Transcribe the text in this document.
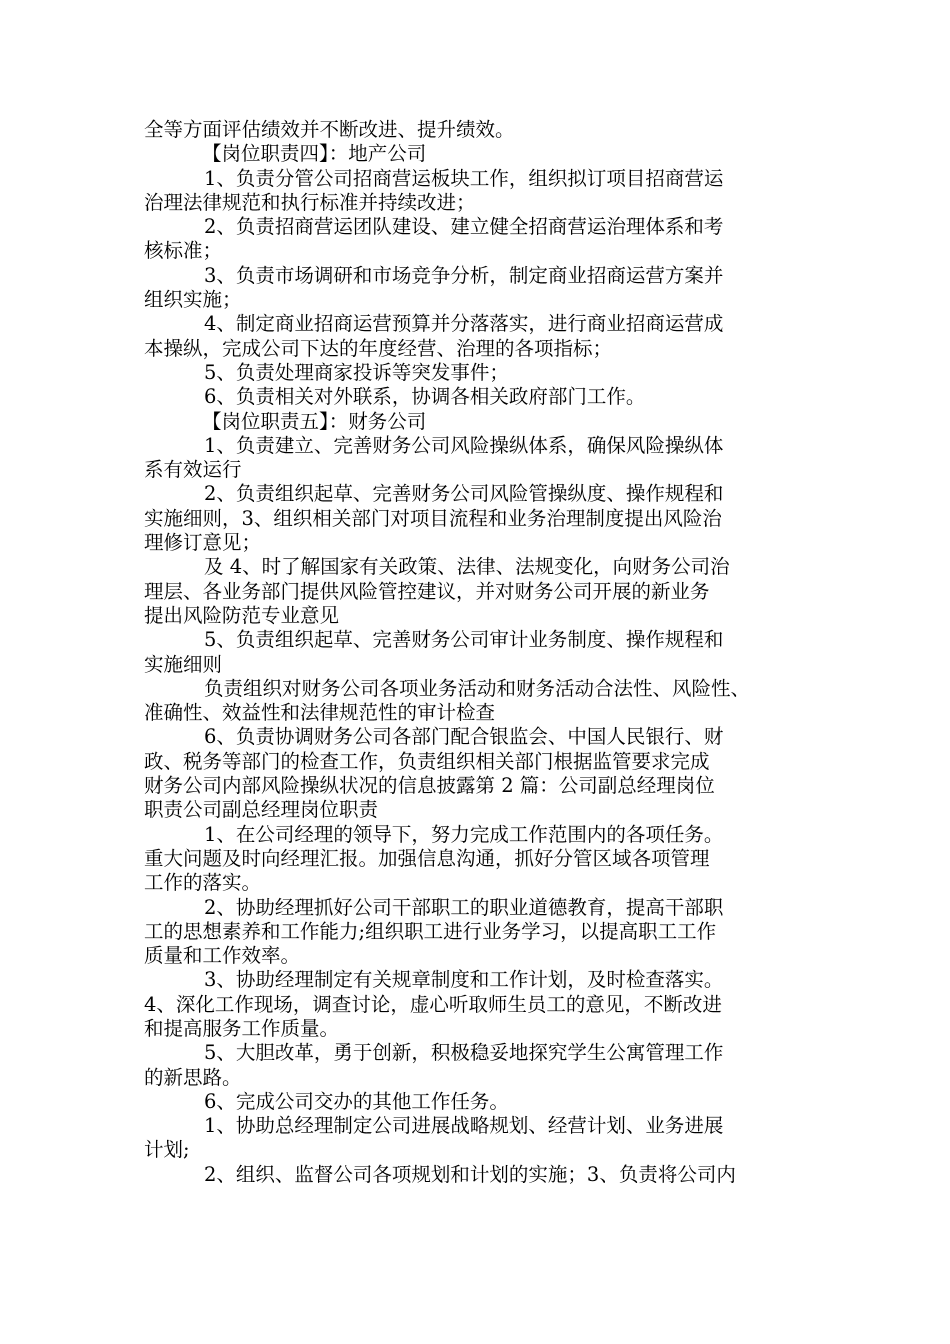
全等方面评估绩效并不断改进、提升绩效。
【岗位职责四】：地产公司
1、负责分管公司招商营运板块工作，组织拟订项目招商营运
治理法律规范和执行标准并持续改进；
2、负责招商营运团队建设、建立健全招商营运治理体系和考
核标准；
3、负责市场调研和市场竞争分析，制定商业招商运营方案并
组织实施；
4、制定商业招商运营预算并分落落实，进行商业招商运营成
本操纵，完成公司下达的年度经营、治理的各项指标；
5、负责处理商家投诉等突发事件；
6、负责相关对外联系，协调各相关政府部门工作。
【岗位职责五】：财务公司
1、负责建立、完善财务公司风险操纵体系，确保风险操纵体
系有效运行
2、负责组织起草、完善财务公司风险管操纵度、操作规程和
实施细则，3、组织相关部门对项目流程和业务治理制度提出风险治
理修订意见；
及 4、时了解国家有关政策、法律、法规变化，向财务公司治
理层、各业务部门提供风险管控建议，并对财务公司开展的新业务
提出风险防范专业意见
5、负责组织起草、完善财务公司审计业务制度、操作规程和
实施细则
负责组织对财务公司各项业务活动和财务活动合法性、风险性、
准确性、效益性和法律规范性的审计检查
6、负责协调财务公司各部门配合银监会、中国人民银行、财
政、税务等部门的检查工作，负责组织相关部门根据监管要求完成
财务公司内部风险操纵状况的信息披露第 2 篇：公司副总经理岗位
职责公司副总经理岗位职责
1、在公司经理的领导下，努力完成工作范围内的各项任务。
重大问题及时向经理汇报。加强信息沟通，抓好分管区域各项管理
工作的落实。
2、协助经理抓好公司干部职工的职业道德教育，提高干部职
工的思想素养和工作能力;组织职工进行业务学习，以提高职工工作
质量和工作效率。
3、协助经理制定有关规章制度和工作计划，及时检查落实。
4、深化工作现场，调查讨论，虚心听取师生员工的意见，不断改进
和提高服务工作质量。
5、大胆改革，勇于创新，积极稳妥地探究学生公寓管理工作
的新思路。
6、完成公司交办的其他工作任务。
1、协助总经理制定公司进展战略规划、经营计划、业务进展
计划;
2、组织、监督公司各项规划和计划的实施；3、负责将公司内
